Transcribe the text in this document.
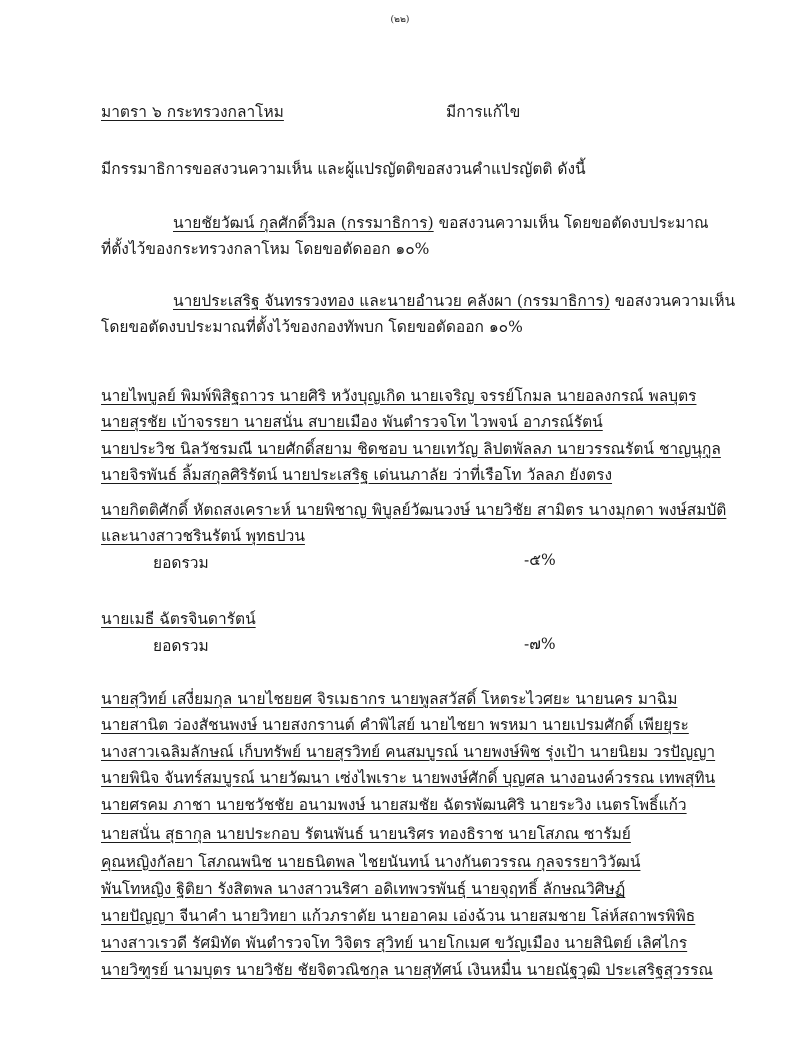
(๒๒)
มาตรา ๖ กระทรวงกลาโหม	มีการแก้ไข
มีกรรมาธิการขอสงวนความเห็น และผู้แปรญัตติขอสงวนคำแปรญัตติ ดังนี้
นายชัยวัฒน์ กุลศักดิ์วิมล (กรรมาธิการ) ขอสงวนความเห็น โดยขอตัดงบประมาณ
ที่ตั้งไว้ของกระทรวงกลาโหม โดยขอตัดออก ๑๐%
นายประเสริฐ จันทรรวงทอง และนายอำนวย คลังผา (กรรมาธิการ) ขอสงวนความเห็น
โดยขอตัดงบประมาณที่ตั้งไว้ของกองทัพบก โดยขอตัดออก ๑๐%
นายไพบูลย์ พิมพ์พิสิฐถาวร นายศิริ หวังบุญเกิด นายเจริญ จรรย์โกมล นายอลงกรณ์ พลบุตร
นายสุรชัย เบ้าจรรยา นายสนั่น สบายเมือง พันตำรวจโท ไวพจน์ อาภรณ์รัตน์
นายประวิช นิลวัชรมณี นายศักดิ์สยาม ชิดชอบ นายเทวัญ ลิปตพัลลภ นายวรรณรัตน์ ชาญนุกูล
นายจิรพันธ์ ลิ้มสกุลศิริรัตน์ นายประเสริฐ เด่นนภาลัย ว่าที่เรือโท วัลลภ ยังตรง
นายกิตติศักดิ์ หัตถสงเคราะห์ นายพิชาญ พิบูลย์วัฒนวงษ์ นายวิชัย สามิตร นางมุกดา พงษ์สมบัติ
และนางสาวชรินรัตน์ พุทธปวน
ยอดรวม	-๕%
นายเมธี ฉัตรจินดารัตน์
ยอดรวม	-๗%
นายสุวิทย์ เสงี่ยมกุล นายไชยยศ จิรเมธากร นายพูลสวัสดิ์ โหตระไวศยะ นายนคร มาฉิม
นายสานิต ว่องสัชนพงษ์ นายสงกรานต์ คำพิไสย์ นายไชยา พรหมา นายเปรมศักดิ์ เพียยุระ
นางสาวเฉลิมลักษณ์ เก็บทรัพย์ นายสุรวิทย์ คนสมบูรณ์ นายพงษ์พิช รุ่งเป้า นายนิยม วรปัญญา
นายพินิจ จันทร์สมบูรณ์ นายวัฒนา เซ่งไพเราะ นายพงษ์ศักดิ์ บุญศล นางอนงค์วรรณ เทพสุทิน
นายศรคม ภาชา นายชวัชชัย อนามพงษ์ นายสมชัย ฉัตรพัฒนศิริ นายระวิง เนตรโพธิ์แก้ว
นายสนั่น สุธากุล นายประกอบ รัตนพันธ์ นายนริศร ทองธิราช นายโสภณ ซารัมย์
คุณหญิงกัลยา โสภณพนิช นายธนิตพล ไชยนันทน์ นางกันตวรรณ กุลจรรยาวิวัฒน์
พันโทหญิง ฐิติยา รังสิตพล นางสาวนริศา อดิเทพวรพันธุ์ นายจุฤทธิ์ ลักษณวิศิษฏ์
นายปัญญา จีนาคำ นายวิทยา แก้วภราดัย นายอาคม เอ่งฉ้วน นายสมชาย โล่ห์สถาพรพิพิธ
นางสาวเรวดี รัศมิทัต พันตำรวจโท วิจิตร สุวิทย์ นายโกเมศ ขวัญเมือง นายสินิตย์ เลิศไกร
นายวิฑูรย์ นามบุตร นายวิชัย ชัยจิตวณิชกุล นายสุทัศน์ เงินหมื่น นายณัฐวุฒิ ประเสริฐสุวรรณ
